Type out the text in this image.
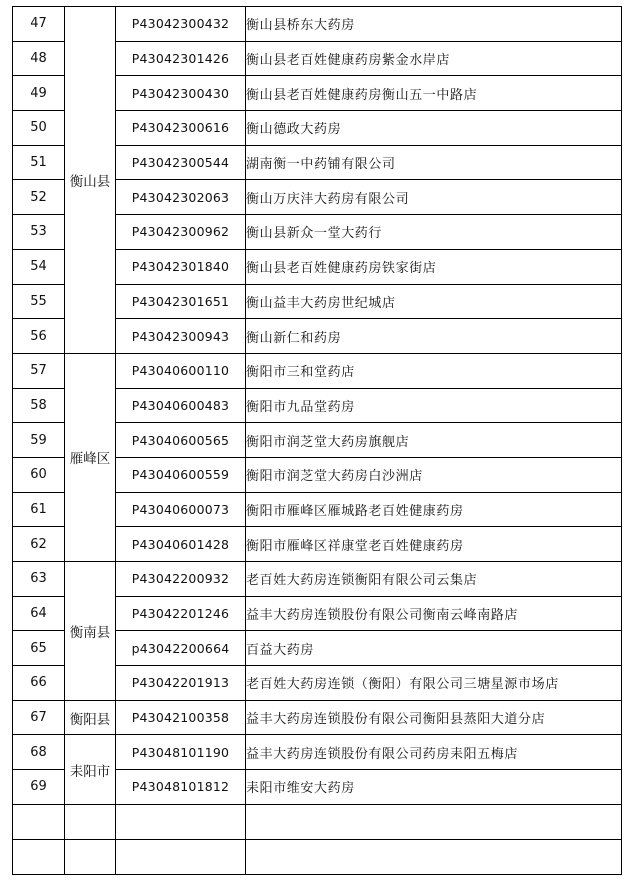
47	衡山县	P43042300432	衡山县桥东大药房
48		P43042301426	衡山县老百姓健康药房紫金水岸店
49		P43042300430	衡山县老百姓健康药房衡山五一中路店
50		P43042300616	衡山德政大药房
51		P43042300544	湖南衡一中药铺有限公司
52		P43042302063	衡山万庆沣大药房有限公司
53		P43042300962	衡山县新众一堂大药行
54		P43042301840	衡山县老百姓健康药房铁家街店
55		P43042301651	衡山益丰大药房世纪城店
56		P43042300943	衡山新仁和药房
57	雁峰区	P43040600110	衡阳市三和堂药店
58		P43040600483	衡阳市九品堂药房
59		P43040600565	衡阳市润芝堂大药房旗舰店
60		P43040600559	衡阳市润芝堂大药房白沙洲店
61		P43040600073	衡阳市雁峰区雁城路老百姓健康药房
62		P43040601428	衡阳市雁峰区祥康堂老百姓健康药房
63	衡南县	P43042200932	老百姓大药房连锁衡阳有限公司云集店
64		P43042201246	益丰大药房连锁股份有限公司衡南云峰南路店
65		p43042200664	百益大药房
66		P43042201913	老百姓大药房连锁（衡阳）有限公司三塘星源市场店
67	衡阳县	P43042100358	益丰大药房连锁股份有限公司衡阳县蒸阳大道分店
68	耒阳市	P43048101190	益丰大药房连锁股份有限公司药房耒阳五梅店
69		P43048101812	耒阳市维安大药房
